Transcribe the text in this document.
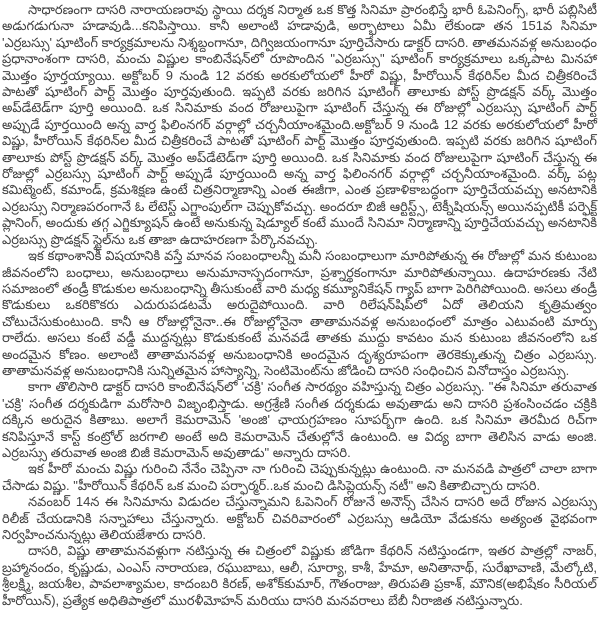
సాధారణంగా దాసరి నారాయణరావు స్థాయి దర్శక నిర్మాత ఒక కొత్త సినిమా ప్రారంభిస్తే భారీ ఓపెనింగ్స్, భారీ పబ్లిసిటీ అడుగడుగునా హడావుడి...కనిపిస్తాయి. కానీ అలాంటి హడావుడి, అర్భాటాలు ఏమీ లేకుండా తన 151వ సినిమా 'ఎర్రబస్సు' షూటింగ్ కార్యక్రమాలను నిశ్శబ్దంగానూ, దిగ్విజయంగానూ పూర్తిచేసారు డాక్టర్ దాసరి. తాతమనవళ్ల అనుబంధం ప్రధానాంశంగా దాసరి, మంచు విష్ణుల కాంబినేషన్‌లో రూపొందిన "ఎర్రబస్సు" షూటింగ్ కార్యక్రమాలు ఒక్కపాట మినహా మొత్తం పూర్తయ్యాయి. అక్టోబర్ 9 నుండి 12 వరకు అరకులోయలో హీరో విష్ణు, హీరోయిన్ కేథరిన్‌ల మీద చిత్రీకరించే పాటతో షూటింగ్ పార్ట్ మొత్తం పూర్తవుతుంది. ఇప్పటి వరకు జరిగిన షూటింగ్ తాలూకు పోస్ట్ ప్రొడక్షన్ వర్క్ మొత్తం అప్‌డేటెడ్‌గా పూర్తి అయింది. ఒక సినిమాకు వంద రోజులుపైగా షూటింగ్ చేస్తున్న ఈ రోజుల్లో ఎర్రబస్సు షూటింగ్ పార్ట్ అప్పుడే పూర్తయింది అన్న వార్త ఫిలింనగర్ వర్గాల్లో చర్చనీయాంశమైంది.అక్టోబర్ 9 నుండి 12 వరకు అరకులోయలో హీరో విష్ణు, హీరోయిన్ కేథరిన్‌ల మీద చిత్రీకరించే పాటతో షూటింగ్ పార్ట్ మొత్తం పూర్తవుతుంది. ఇప్పటి వరకు జరిగిన షూటింగ్ తాలూకు పోస్ట్ ప్రొడక్షన్ వర్క్ మొత్తం అప్‌డేటెడ్‌గా పూర్తి అయింది. ఒక సినిమాకు వంద రోజులుపైగా షూటింగ్ చేస్తున్న ఈ రోజుల్లో ఎర్రబస్సు షూటింగ్ పార్ట్ అప్పుడే పూర్తయింది అన్న వార్త ఫిలింనగర్ వర్గాల్లో చర్చనీయాంశమైంది. వర్క్ పట్ల కమిట్మెంట్, కమాండ్, క్రమశిక్షణ ఉంటే చిత్రనిర్మాణాన్ని ఎంత ఈజీగా, ఎంత ప్రణాళికాబద్ధంగా పూర్తిచేయవచ్చు అనటానికి ఎర్రబస్సు నిర్మాణపరంగానే ఓ లేటెస్ట్ ఎగ్జాంపుల్‌గా చెప్పుకోవచ్చు. అందరూ బిజీ ఆర్టిస్ట్స్, టెక్నీషియన్స్ అయినప్పటికీ పర్ఫెక్ట్ ప్లానింగ్, అందుకు తగ్గ ఎగ్జిక్యూషన్ ఉంటే అనుకున్న షెడ్యూల్ కంటే ముందే సినిమా నిర్మాణాన్ని పూర్తిచేయవచ్చు అనటానికి ఎర్రబస్సు ప్రొడక్షన్ స్టైల్‌ను ఒక తాజా ఉదాహరణగా పేర్కొనవచ్చు.

ఇక కథాంశానికి విషయానికి వస్తే మానవ సంబంధాలన్నీ మనీ సంబంధాలుగా మారిపోతున్న ఈ రోజుల్లో మన కుటుంబ జీవనంలోని బంధాలు, అనుబంధాలు అనుమానాస్పదంగానూ, ప్రశ్నార్థకంగానూ మారిపోతున్నాయి. ఉదాహరణకు నేటి సమాజంలో తండ్రీ కొడుకుల అనుబంధాన్ని తీసుకుంటే వారి మధ్య కమ్యూనికేషన్ గ్యాప్ బాగా పెరిగిపోయింది. అసలు తండ్రీ కొడుకులు ఒకరికొకరు ఎదురుపడటమే అరుదైపోయింది. వారి రిలేషన్‌షిప్‌లో ఏదో తెలియని కృత్రిమత్వం చోటుచేసుకుంటుంది. కానీ ఆ రోజుల్లోనైనా..ఈ రోజుల్లోనైనా తాతామనవళ్ల అనుబంధంలో మాత్రం ఎటువంటి మార్పు రాలేదు. అసలు కంటే వడ్డీ ముద్దన్నట్లు కొడుకుకంటే మనవడే తాతకు ముద్దు కావటం మన కుటుంబ జీవనంలోని ఒక అందమైన కోణం. అలాంటి తాతామనవళ్ల అనుబంధానికి అందమైన దృశ్యరూపంగా తెరకెక్కుతున్న చిత్రం ఎర్రబస్సు. తాతామనవళ్ల అనుబంధానికి సున్నితమైన హాస్యాన్ని, సెంటిమెంట్‌ను జోడించి దాసరి సంధించిన వినోదాస్త్రం ఎర్రబస్సు.

కాగా తొలిసారి డాక్టర్ దాసరి కాంబినేషన్‌లో 'చక్రి' సంగీత సారథ్యం వహిస్తున్న చిత్రం ఎర్రబస్సు. "ఈ సినిమా తరువాత 'చక్రి' సంగీత దర్శకుడిగా మరోసారి విజృంభిస్తాడు. అగ్రశ్రేణి సంగీత దర్శకుడు అవుతాడు అని దాసరి ప్రశంసించడం చక్రికి దక్కిన అరుదైన కితాబు. అలాగే కెమరామెన్ 'అంజి' ఛాయగ్రహణం సూపర్బ్‌గా ఉంది. ఒక సినిమా తెరమీద రిచ్‌గా కనిపిస్తూనే కాస్ట్ కంట్రోల్ జరగాలి అంటే అది కెమరామెన్ చేతుల్లోనే ఉంటుంది. ఆ విద్య బాగా తెలిసిన వాడు అంజి. ఎర్రబస్సు తరువాత అంజి బిజీ కెమరామెన్ అవుతాడు" అన్నారు దాసరి.

ఇక హీరో మంచు విష్ణు గురించి నేనేం చెప్పినా నా గురించి చెప్పుకున్నట్లు ఉంటుంది. నా మనవడి పాత్రలో చాలా బాగా చేసాడు విష్ణు. "హీరోయిన్ కేథరిన్ ఒక మంచి పర్ఫార్మర్..ఒక మంచి డిసిప్లెయన్స్ నటీ" అని కితాబిచ్చారు దాసరి.

నవంబర్ 14న ఈ సినిమాను విడుదల చేస్తున్నామని ఓపెనింగ్ రోజునే అనౌన్స్ చేసిన దాసరి అదే రోజున ఎర్రబస్సు రిలీజ్ చేయడానికి సన్నాహాలు చేస్తున్నారు. అక్టోబర్ చివరివారంలో ఎర్రబస్సు ఆడియో వేడుకను అత్యంత వైభవంగా నిర్వహించనున్నట్లు తెలియజేశారు దాసరి.

దాసరి, విష్ణు తాతామనవళ్లుగా నటిస్తున్న ఈ చిత్రంలో విష్ణుకు జోడిగా కేథరిన్ నటిస్తుండగా, ఇతర పాత్రల్లో నాజర్, బ్రహ్మానందం, కృష్ణుడు, ఎంఎస్ నారాయణ, రఘుబాబు, ఆలీ, సూర్యా, కాశీ, హేమా, అనితానాథ్, సురేఖావాణి, మేల్కోటి, శ్రీలక్ష్మి, జయశీల, పావలాశ్యామల, కాదంబరి కిరణ్, అశోక్‌కుమార్, గౌతంరాజు, తిరుపతి ప్రకాశ్, మౌనిక(అభిషేకం సీరియల్ హీరోయిన్), ప్రత్యేక అధితిపాత్రలో మురళీమోహన్ మరియు దాసరి మనవరాలు బేబీ నీరాజిత నటిస్తున్నారు.
